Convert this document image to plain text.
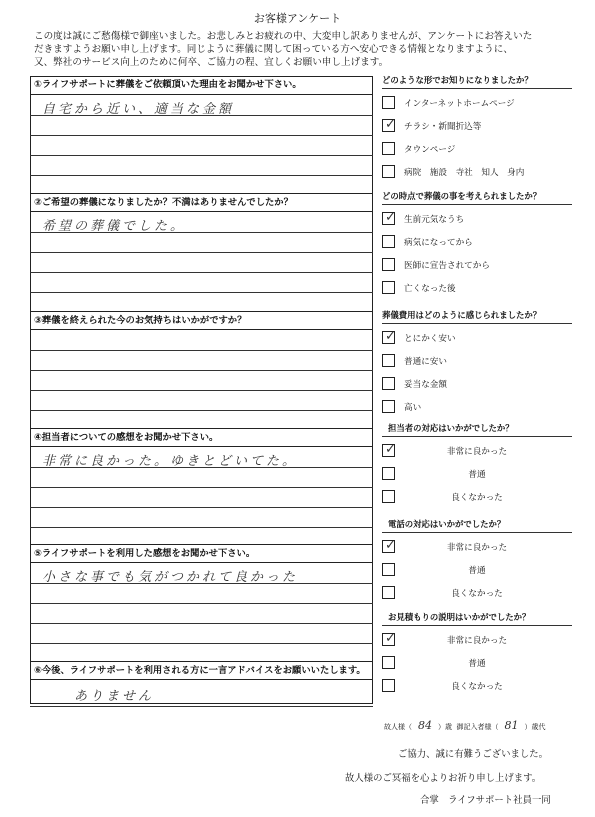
お客様アンケート
この度は誠にご愁傷様で御座いました。お悲しみとお疲れの中、大変申し訳ありませんが、アンケートにお答えいた
だきますようお願い申し上げます。同じように葬儀に関して困っている方へ安心できる情報となりますように、
又、弊社のサービス向上のために何卒、ご協力の程、宜しくお願い申し上げます。
①ライフサポートに葬儀をご依頼頂いた理由をお聞かせ下さい。
自宅から近い、適当な金額
②ご希望の葬儀になりましたか？不満はありませんでしたか？
希望の葬儀でした。
③葬儀を終えられた今のお気持ちはいかがですか？
④担当者についての感想をお聞かせ下さい。
非常に良かった。ゆきとどいてた。
⑤ライフサポートを利用した感想をお聞かせ下さい。
小さな事でも気がつかれて良かった
⑥今後、ライフサポートを利用される方に一言アドバイスをお願いいたします。
ありません
どのような形でお知りになりましたか？
インターネットホームページ
✓ チラシ・新聞折込等
タウンページ
病院　施設　寺社　知人　身内
どの時点で葬儀の事を考えられましたか？
✓ 生前元気なうち
病気になってから
医師に宣告されてから
亡くなった後
葬儀費用はどのように感じられましたか？
✓ とにかく安い
普通に安い
妥当な金額
高い
担当者の対応はいかがでしたか？
✓	非常に良かった
普通
良くなかった
電話の対応はいかがでしたか？
✓	非常に良かった
普通
良くなかった
お見積もりの説明はいかがでしたか？
✓	非常に良かった
普通
良くなかった
故人様（ 84 ）歳 御記入者様（ 81 ）歳代
ご協力、誠に有難うございました。
故人様のご冥福を心よりお祈り申し上げます。
合掌　ライフサポート社員一同
